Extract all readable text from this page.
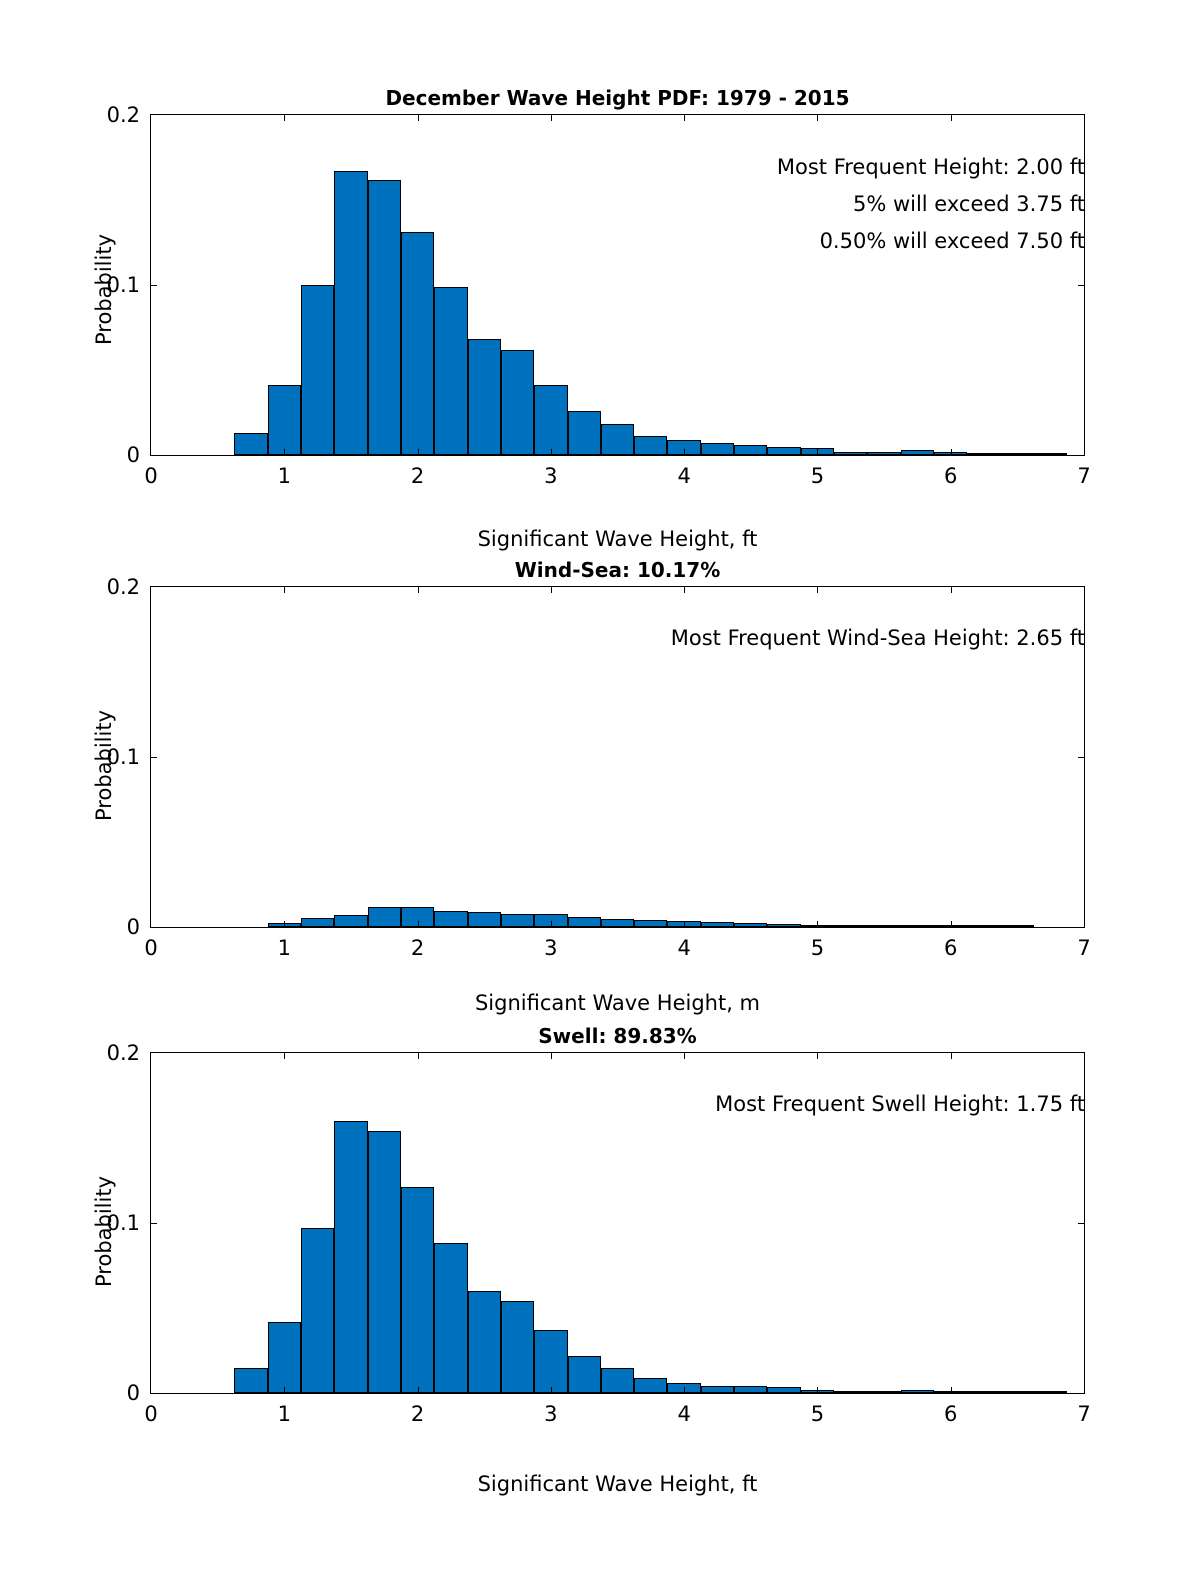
December Wave Height PDF: 1979 - 2015
Probability
0	1	2	3	4	5	6	7
0
0.1
0.2
Most Frequent Height: 2.00 ft
5% will exceed 3.75 ft
0.50% will exceed 7.50 ft
Significant Wave Height, ft
Wind-Sea: 10.17%
Probability
0	1	2	3	4	5	6	7
0
0.1
0.2
Most Frequent Wind-Sea Height: 2.65 ft
Significant Wave Height, m
Swell: 89.83%
Probability
0	1	2	3	4	5	6	7
0
0.1
0.2
Significant Wave Height, ft
Most Frequent Swell Height: 1.75 ft
